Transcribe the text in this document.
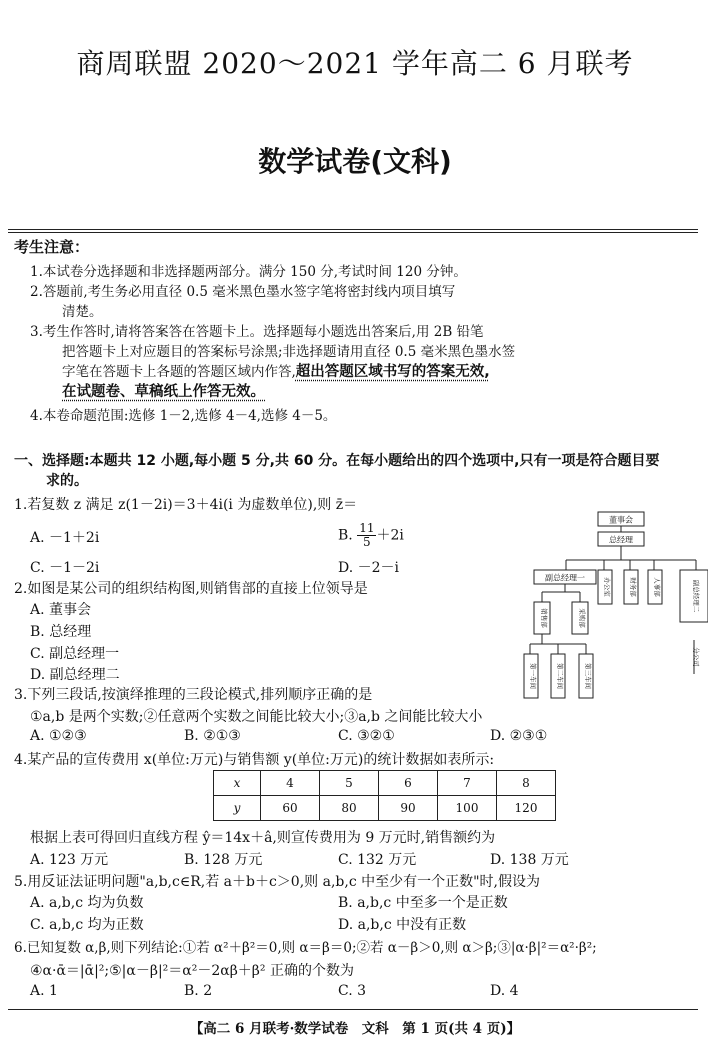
商周联盟 2020～2021 学年高二 6 月联考
数学试卷(文科)
考生注意：
1.本试卷分选择题和非选择题两部分。满分 150 分,考试时间 120 分钟。
2.答题前,考生务必用直径 0.5 毫米黑色墨水签字笔将密封线内项目填写
清楚。
3.考生作答时,请将答案答在答题卡上。选择题每小题选出答案后,用 2B 铅笔
把答题卡上对应题目的答案标号涂黑;非选择题请用直径 0.5 毫米黑色墨水签
字笔在答题卡上各题的答题区域内作答,超出答题区域书写的答案无效,
在试题卷、草稿纸上作答无效。
4.本卷命题范围:选修 1－2,选修 4－4,选修 4－5。
一、选择题:本题共 12 小题,每小题 5 分,共 60 分。在每小题给出的四个选项中,只有一项是符合题目要
求的。
1.若复数 z 满足 z(1－2i)＝3＋4i(i 为虚数单位),则 z̄＝
A. －1＋2i	B. $\frac{11}{5} +2i$
C. －1－2i	D. －2－i
2.如图是某公司的组织结构图,则销售部的直接上位领导是
A. 董事会
B. 总经理
C. 副总经理一
D. 副总经理二
董事会
总经理
副总经理一	办公室	财务部 人事部	副总经理二
销售部	采购部
分公司
第一车间	第二车间	第三车间
3.下列三段话,按演绎推理的三段论模式,排列顺序正确的是
①a,b 是两个实数;②任意两个实数之间能比较大小;③a,b 之间能比较大小
A. ①②③	B. ②①③	C. ③②①	D. ②③①
4.某产品的宣传费用 x(单位:万元)与销售额 y(单位:万元)的统计数据如表所示:
x	4	5	6	7	8
y	60	80	90	100	120
根据上表可得回归直线方程 ŷ＝14x＋â,则宣传费用为 9 万元时,销售额约为
A. 123 万元	B. 128 万元	C. 132 万元	D. 138 万元
5.用反证法证明问题"a,b,c∈R,若 a＋b＋c＞0,则 a,b,c 中至少有一个正数"时,假设为
A. a,b,c 均为负数	B. a,b,c 中至多一个是正数
C. a,b,c 均为正数	D. a,b,c 中没有正数
6.已知复数 α,β,则下列结论:①若 α²＋β²＝0,则 α＝β＝0;②若 α－β＞0,则 α＞β;③|α·β|²＝α²·β²;
④α·ᾱ＝|ᾱ|²;⑤|α－β|²＝α²－2αβ＋β² 正确的个数为
A. 1	B. 2	C. 3	D. 4
【高二 6 月联考·数学试卷　文科　第 1 页(共 4 页)】
